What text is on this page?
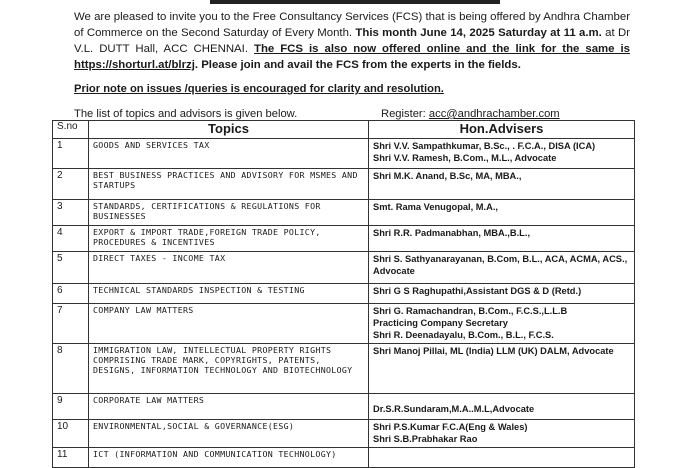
We are pleased to invite you to the Free Consultancy Services (FCS) that is being offered by Andhra Chamber of Commerce on the Second Saturday of Every Month. This month June 14, 2025 Saturday at 11 a.m. at Dr V.L. DUTT Hall, ACC CHENNAI. The FCS is also now offered online and the link for the same is https://shorturl.at/blrzj. Please join and avail the FCS from the experts in the fields.
Prior note on issues /queries is encouraged for clarity and resolution.
The list of topics and advisors is given below.	Register: acc@andhrachamber.com
S.no	Topics	Hon.Advisers
1	GOODS AND SERVICES TAX	Shri V.V. Sampathkumar, B.Sc., . F.C.A., DISA (ICA)
Shri V.V. Ramesh, B.Com., M.L., Advocate

2	BEST BUSINESS PRACTICES AND ADVISORY FOR MSMES AND STARTUPS	Shri M.K. Anand, B.Sc, MA, MBA.,

3	STANDARDS, CERTIFICATIONS & REGULATIONS FOR BUSINESSES	Smt. Rama Venugopal, M.A.,

4	EXPORT & IMPORT TRADE,FOREIGN TRADE POLICY, PROCEDURES & INCENTIVES	Shri R.R. Padmanabhan, MBA.,B.L.,

5	DIRECT TAXES - INCOME TAX	Shri S. Sathyanarayanan, B.Com, B.L., ACA, ACMA, ACS.,
Advocate

6	TECHNICAL STANDARDS INSPECTION & TESTING	Shri G S Raghupathi,Assistant DGS & D (Retd.)

7	COMPANY LAW MATTERS	Shri G. Ramachandran, B.Com., F.C.S.,L.L.B
Practicing Company Secretary
Shri R. Deenadayalu, B.Com., B.L., F.C.S.

8	IMMIGRATION LAW, INTELLECTUAL PROPERTY RIGHTS COMPRISING TRADE MARK, COPYRIGHTS, PATENTS, DESIGNS, INFORMATION TECHNOLOGY AND BIOTECHNOLOGY	Shri Manoj Pillai, ML (India) LLM (UK) DALM, Advocate

9	CORPORATE LAW MATTERS	Dr.S.R.Sundaram,M.A..M.L,Advocate

10	ENVIRONMENTAL,SOCIAL & GOVERNANCE(ESG)	Shri P.S.Kumar F.C.A(Eng & Wales)
Shri S.B.Prabhakar Rao

11	ICT (INFORMATION AND COMMUNICATION TECHNOLOGY)	
